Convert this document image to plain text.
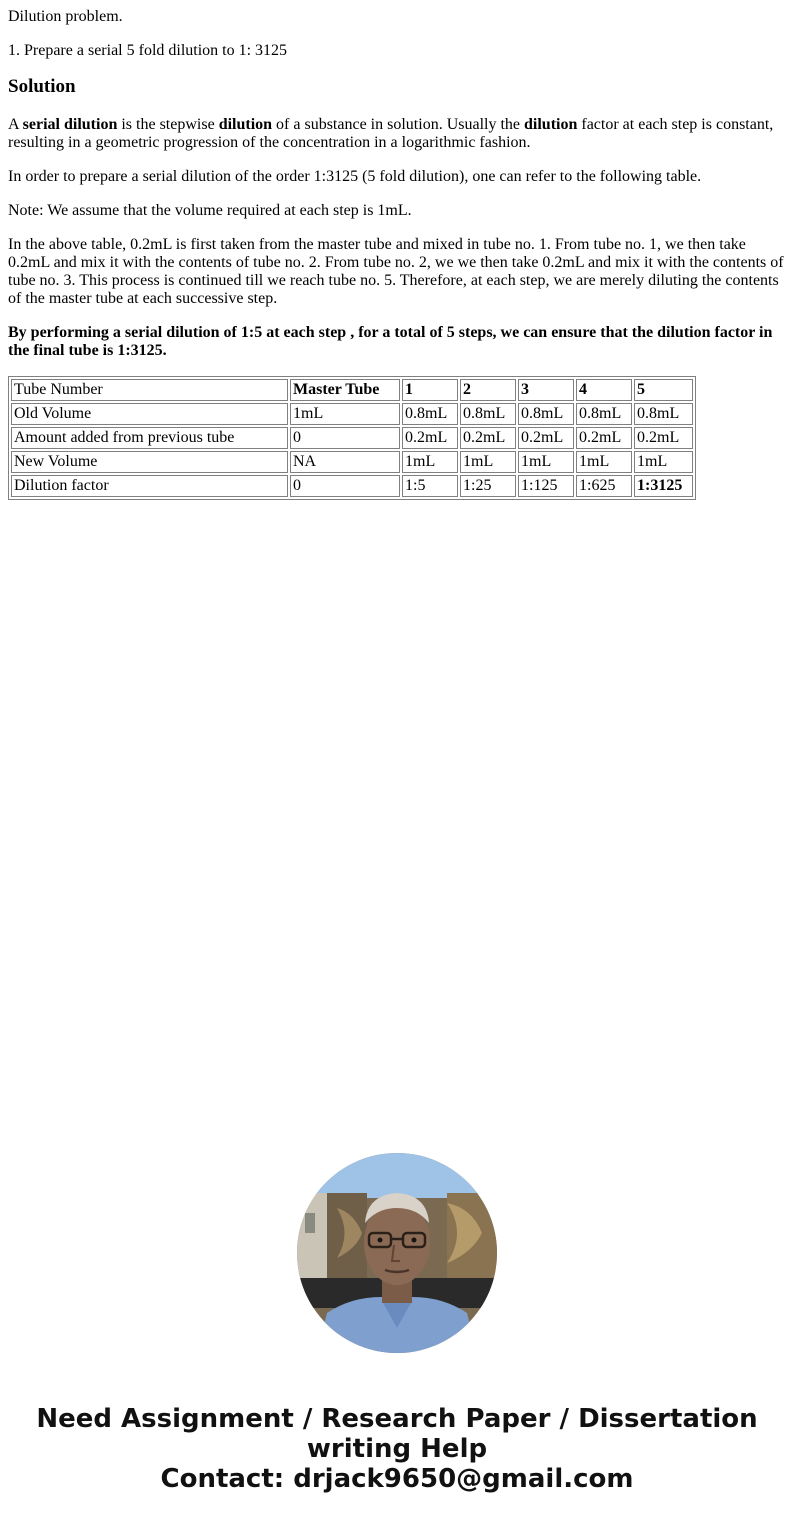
Dilution problem.

1. Prepare a serial 5 fold dilution to 1: 3125

Solution

A serial dilution is the stepwise dilution of a substance in solution. Usually the dilution factor at each step is constant, resulting in a geometric progression of the concentration in a logarithmic fashion.

In order to prepare a serial dilution of the order 1:3125 (5 fold dilution), one can refer to the following table.

Note: We assume that the volume required at each step is 1mL.

In the above table, 0.2mL is first taken from the master tube and mixed in tube no. 1. From tube no. 1, we then take 0.2mL and mix it with the contents of tube no. 2. From tube no. 2, we we then take 0.2mL and mix it with the contents of tube no. 3. This process is continued till we reach tube no. 5. Therefore, at each step, we are merely diluting the contents of the master tube at each successive step.

By performing a serial dilution of 1:5 at each step , for a total of 5 steps, we can ensure that the dilution factor in the final tube is 1:3125.

Tube Number	Master Tube	1	2	3	4	5
Old Volume	1mL	0.8mL	0.8mL	0.8mL	0.8mL	0.8mL
Amount added from previous tube	0	0.2mL	0.2mL	0.2mL	0.2mL	0.2mL
New Volume	NA	1mL	1mL	1mL	1mL	1mL
Dilution factor	0	1:5	1:25	1:125	1:625	1:3125
Need Assignment / Research Paper / Dissertation
writing Help
Contact: drjack9650@gmail.com
